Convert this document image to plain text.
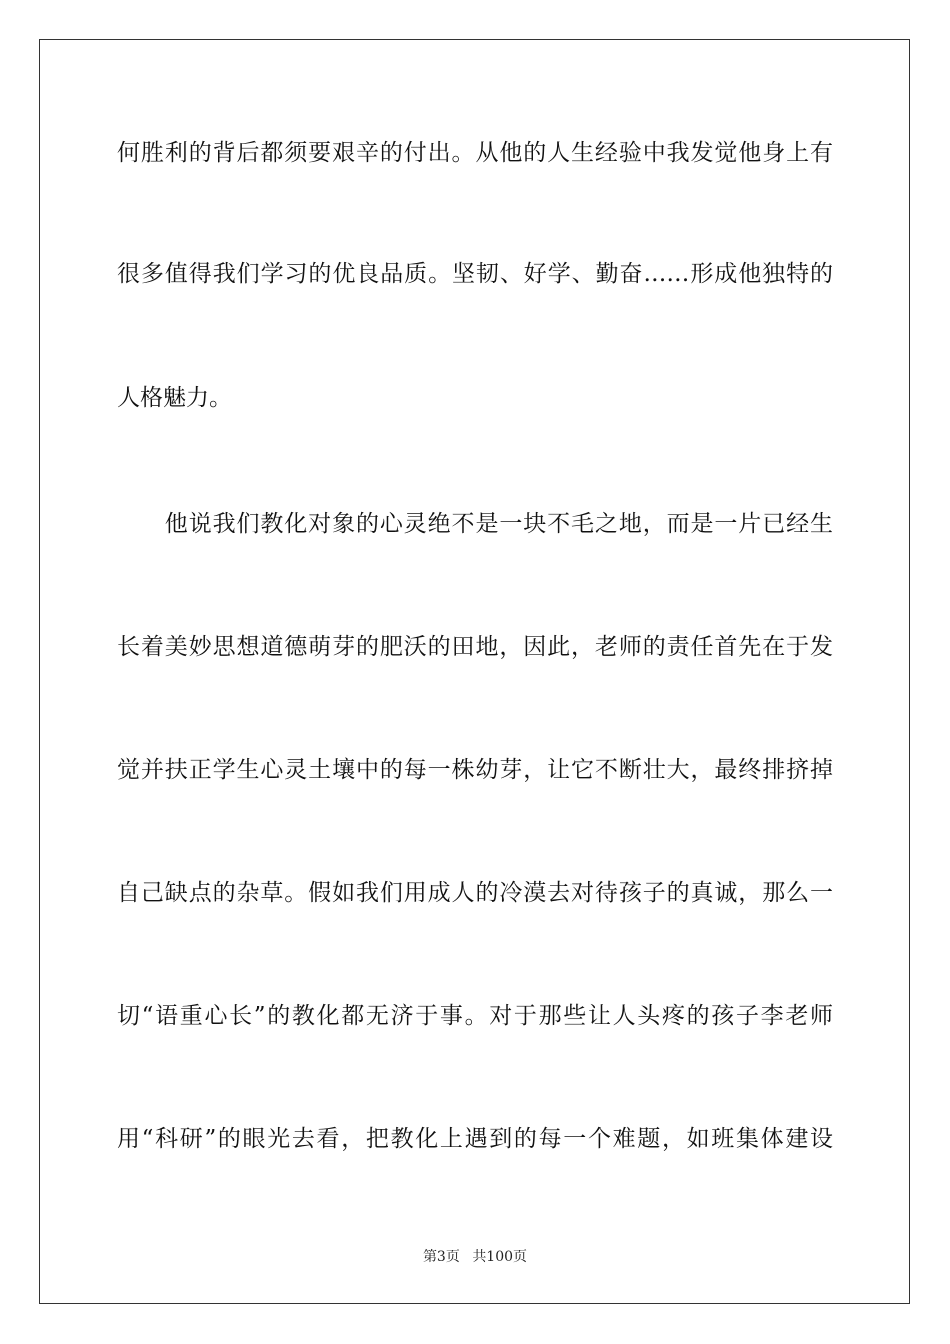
何胜利的背后都须要艰辛的付出。从他的人生经验中我发觉他身上有
很多值得我们学习的优良品质。坚韧、好学、勤奋……形成他独特的
人格魅力。
　　他说我们教化对象的心灵绝不是一块不毛之地，而是一片已经生
长着美妙思想道德萌芽的肥沃的田地，因此，老师的责任首先在于发
觉并扶正学生心灵土壤中的每一株幼芽，让它不断壮大，最终排挤掉
自己缺点的杂草。假如我们用成人的冷漠去对待孩子的真诚，那么一
切“语重心长”的教化都无济于事。对于那些让人头疼的孩子李老师
用“科研”的眼光去看，把教化上遇到的每一个难题，如班集体建设
第3页 共100页
